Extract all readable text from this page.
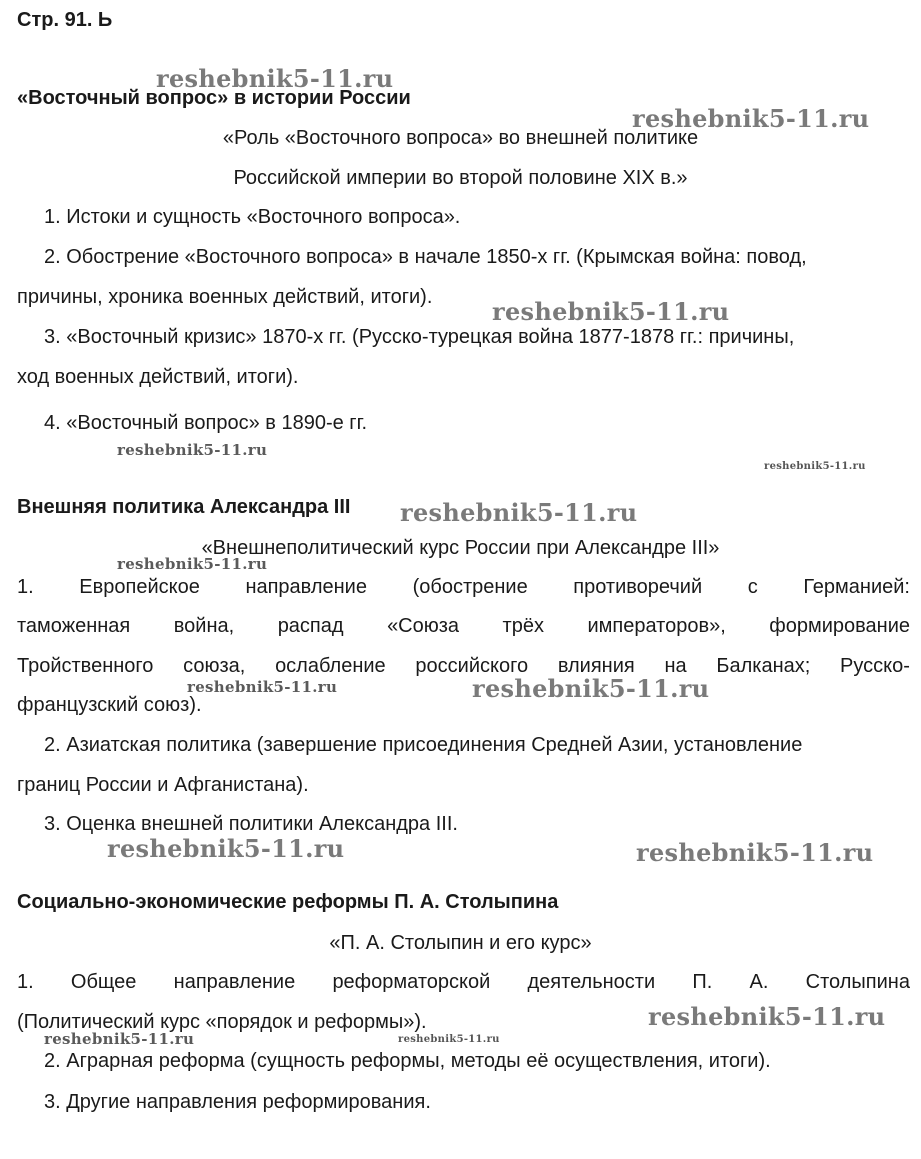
Стр. 91. Ь
«Восточный вопрос» в истории России
«Роль «Восточного вопроса» во внешней политике
Российской империи во второй половине XIX в.»
1. Истоки и сущность «Восточного вопроса».
2. Обострение «Восточного вопроса» в начале 1850-х гг. (Крымская война: повод,
причины, хроника военных действий, итоги).
3. «Восточный кризис» 1870-х гг. (Русско-турецкая война 1877-1878 гг.: причины,
ход военных действий, итоги).
4. «Восточный вопрос» в 1890-е гг.
Внешняя политика Александра III
«Внешнеполитический курс России при Александре III»
1. Европейское направление (обострение противоречий с Германией:
таможенная война, распад «Союза трёх императоров», формирование
Тройственного союза, ослабление российского влияния на Балканах; Русско-
французский союз).
2. Азиатская политика (завершение присоединения Средней Азии, установление
границ России и Афганистана).
3. Оценка внешней политики Александра III.
Социально-экономические реформы П. А. Столыпина
«П. А. Столыпин и его курс»
1. Общее направление реформаторской деятельности П. А. Столыпина
(Политический курс «порядок и реформы»).
2. Аграрная реформа (сущность реформы, методы её осуществления, итоги).
3. Другие направления реформирования.
reshebnik5-11.ru
reshebnik5-11.ru
reshebnik5-11.ru
reshebnik5-11.ru
reshebnik5-11.ru
reshebnik5-11.ru
reshebnik5-11.ru
reshebnik5-11.ru	reshebnik5-11.ru
reshebnik5-11.ru	reshebnik5-11.ru
reshebnik5-11.ru
reshebnik5-11.ru	reshebnik5-11.ru
